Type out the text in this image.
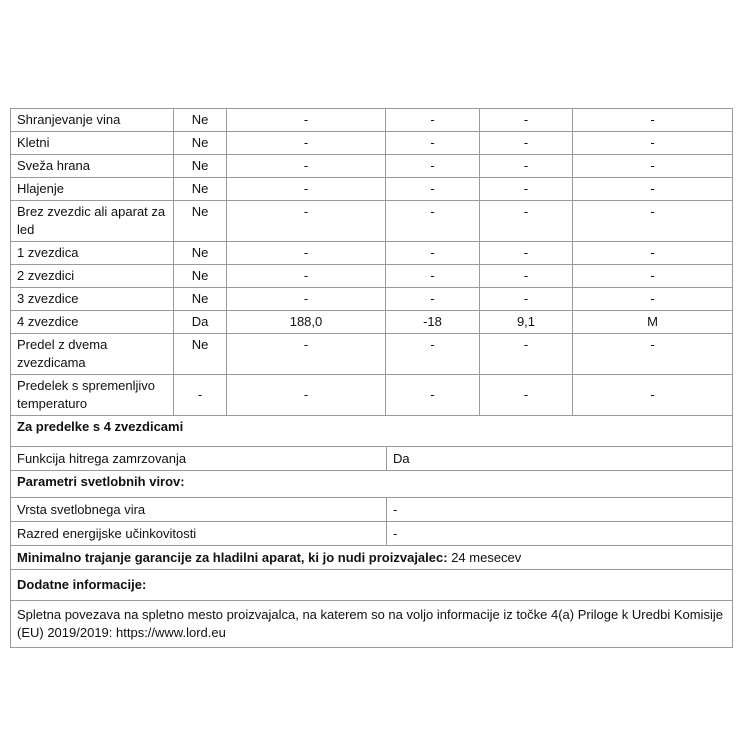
Shranjevanje vina	Ne	-	-	-	-
Kletni	Ne	-	-	-	-
Sveža hrana	Ne	-	-	-	-
Hlajenje	Ne	-	-	-	-
Brez zvezdic ali aparat za led	Ne	-	-	-	-
1 zvezdica	Ne	-	-	-	-
2 zvezdici	Ne	-	-	-	-
3 zvezdice	Ne	-	-	-	-
4 zvezdice	Da	188,0	-18	9,1	M
Predel z dvema zvezdicama	Ne	-	-	-	-
Predelek s spremenljivo temperaturo	-	-	-	-	-
Za predelke s 4 zvezdicami	
Funkcija hitrega zamrzovanja	Da
Parametri svetlobnih virov:	
Vrsta svetlobnega vira	-
Razred energijske učinkovitosti	-
Minimalno trajanje garancije za hladilni aparat, ki jo nudi proizvajalec: 24 mesecev	
Dodatne informacije:	
Spletna povezava na spletno mesto proizvajalca, na katerem so na voljo informacije iz točke 4(a) Priloge k Uredbi Komisije (EU) 2019/2019: https://www.lord.eu	
